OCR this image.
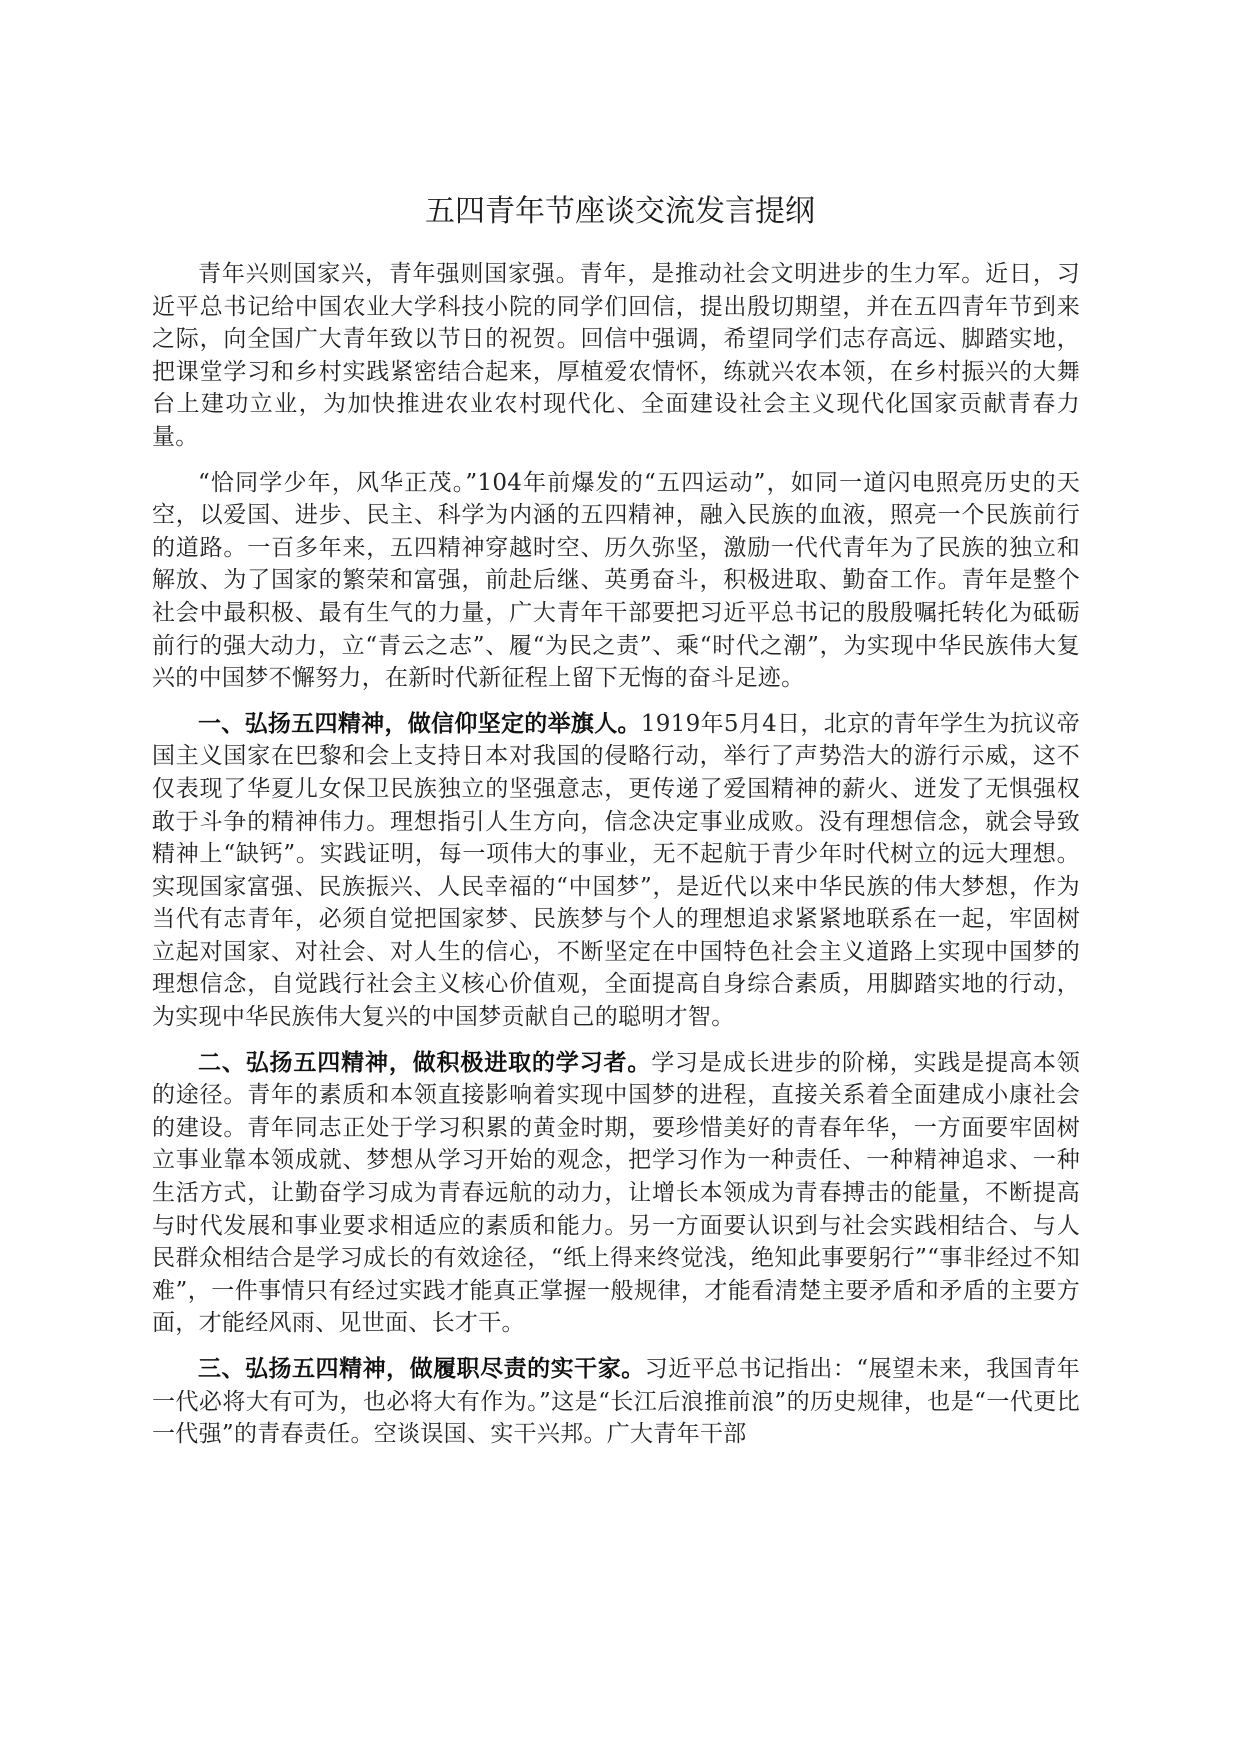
五四青年节座谈交流发言提纲

青年兴则国家兴，青年强则国家强。青年，是推动社会文明进步的生力军。近日，习近平总书记给中国农业大学科技小院的同学们回信，提出殷切期望，并在五四青年节到来之际，向全国广大青年致以节日的祝贺。回信中强调，希望同学们志存高远、脚踏实地，把课堂学习和乡村实践紧密结合起来，厚植爱农情怀，练就兴农本领，在乡村振兴的大舞台上建功立业，为加快推进农业农村现代化、全面建设社会主义现代化国家贡献青春力量。

“恰同学少年，风华正茂。”104年前爆发的“五四运动”，如同一道闪电照亮历史的天空，以爱国、进步、民主、科学为内涵的五四精神，融入民族的血液，照亮一个民族前行的道路。一百多年来，五四精神穿越时空、历久弥坚，激励一代代青年为了民族的独立和解放、为了国家的繁荣和富强，前赴后继、英勇奋斗，积极进取、勤奋工作。青年是整个社会中最积极、最有生气的力量，广大青年干部要把习近平总书记的殷殷嘱托转化为砥砺前行的强大动力，立“青云之志”、履“为民之责”、乘“时代之潮”，为实现中华民族伟大复兴的中国梦不懈努力，在新时代新征程上留下无悔的奋斗足迹。

一、弘扬五四精神，做信仰坚定的举旗人。1919年5月4日，北京的青年学生为抗议帝国主义国家在巴黎和会上支持日本对我国的侵略行动，举行了声势浩大的游行示威，这不仅表现了华夏儿女保卫民族独立的坚强意志，更传递了爱国精神的薪火、迸发了无惧强权敢于斗争的精神伟力。理想指引人生方向，信念决定事业成败。没有理想信念，就会导致精神上“缺钙”。实践证明，每一项伟大的事业，无不起航于青少年时代树立的远大理想。实现国家富强、民族振兴、人民幸福的“中国梦”，是近代以来中华民族的伟大梦想，作为当代有志青年，必须自觉把国家梦、民族梦与个人的理想追求紧紧地联系在一起，牢固树立起对国家、对社会、对人生的信心，不断坚定在中国特色社会主义道路上实现中国梦的理想信念，自觉践行社会主义核心价值观，全面提高自身综合素质，用脚踏实地的行动，为实现中华民族伟大复兴的中国梦贡献自己的聪明才智。

二、弘扬五四精神，做积极进取的学习者。学习是成长进步的阶梯，实践是提高本领的途径。青年的素质和本领直接影响着实现中国梦的进程，直接关系着全面建成小康社会的建设。青年同志正处于学习积累的黄金时期，要珍惜美好的青春年华，一方面要牢固树立事业靠本领成就、梦想从学习开始的观念，把学习作为一种责任、一种精神追求、一种生活方式，让勤奋学习成为青春远航的动力，让增长本领成为青春搏击的能量，不断提高与时代发展和事业要求相适应的素质和能力。另一方面要认识到与社会实践相结合、与人民群众相结合是学习成长的有效途径，“纸上得来终觉浅，绝知此事要躬行”“事非经过不知难”，一件事情只有经过实践才能真正掌握一般规律，才能看清楚主要矛盾和矛盾的主要方面，才能经风雨、见世面、长才干。

三、弘扬五四精神，做履职尽责的实干家。习近平总书记指出：“展望未来，我国青年一代必将大有可为，也必将大有作为。”这是“长江后浪推前浪”的历史规律，也是“一代更比一代强”的青春责任。空谈误国、实干兴邦。广大青年干部
